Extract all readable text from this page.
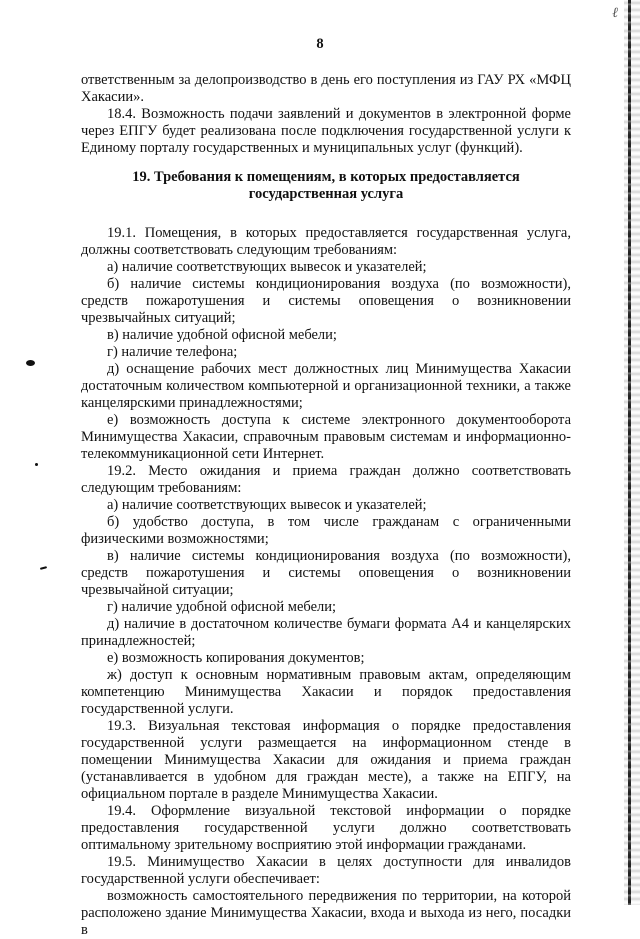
ℓ
8

ответственным за делопроизводство в день его поступления из ГАУ РХ «МФЦ Хакасии».

18.4. Возможность подачи заявлений и документов в электронной форме через ЕПГУ будет реализована после подключения государственной услуги к Единому порталу государственных и муниципальных услуг (функций).

19. Требования к помещениям, в которых предоставляется государственная услуга

19.1. Помещения, в которых предоставляется государственная услуга, должны соответствовать следующим требованиям:

а) наличие соответствующих вывесок и указателей;

б) наличие системы кондиционирования воздуха (по возможности), средств пожаротушения и системы оповещения о возникновении чрезвычайных ситуаций;

в) наличие удобной офисной мебели;

г) наличие телефона;

д) оснащение рабочих мест должностных лиц Минимущества Хакасии достаточным количеством компьютерной и организационной техники, а также канцелярскими принадлежностями;

е) возможность доступа к системе электронного документооборота Минимущества Хакасии, справочным правовым системам и информационно-телекоммуникационной сети Интернет.

19.2. Место ожидания и приема граждан должно соответствовать следующим требованиям:

а) наличие соответствующих вывесок и указателей;

б) удобство доступа, в том числе гражданам с ограниченными физическими возможностями;

в) наличие системы кондиционирования воздуха (по возможности), средств пожаротушения и системы оповещения о возникновении чрезвычайной ситуации;

г) наличие удобной офисной мебели;

д) наличие в достаточном количестве бумаги формата А4 и канцелярских принадлежностей;

е) возможность копирования документов;

ж) доступ к основным нормативным правовым актам, определяющим компетенцию Минимущества Хакасии и порядок предоставления государственной услуги.

19.3. Визуальная текстовая информация о порядке предоставления государственной услуги размещается на информационном стенде в помещении Минимущества Хакасии для ожидания и приема граждан (устанавливается в удобном для граждан месте), а также на ЕПГУ, на официальном портале в разделе Минимущества Хакасии.

19.4. Оформление визуальной текстовой информации о порядке предоставления государственной услуги должно соответствовать оптимальному зрительному восприятию этой информации гражданами.

19.5. Минимущество Хакасии в целях доступности для инвалидов государственной услуги обеспечивает:

возможность самостоятельного передвижения по территории, на которой расположено здание Минимущества Хакасии, входа и выхода из него, посадки в
